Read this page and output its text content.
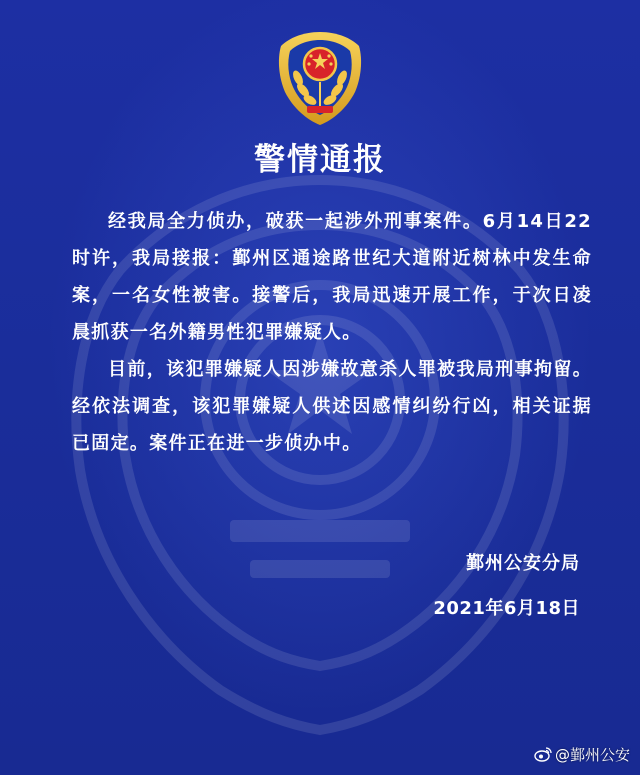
警情通报

经我局全力侦办，破获一起涉外刑事案件。6月14日22时许，我局接报：鄞州区通途路世纪大道附近树林中发生命案，一名女性被害。接警后，我局迅速开展工作，于次日凌晨抓获一名外籍男性犯罪嫌疑人。

目前，该犯罪嫌疑人因涉嫌故意杀人罪被我局刑事拘留。经依法调查，该犯罪嫌疑人供述因感情纠纷行凶，相关证据已固定。案件正在进一步侦办中。

鄞州公安分局
2021年6月18日
@鄞州公安
